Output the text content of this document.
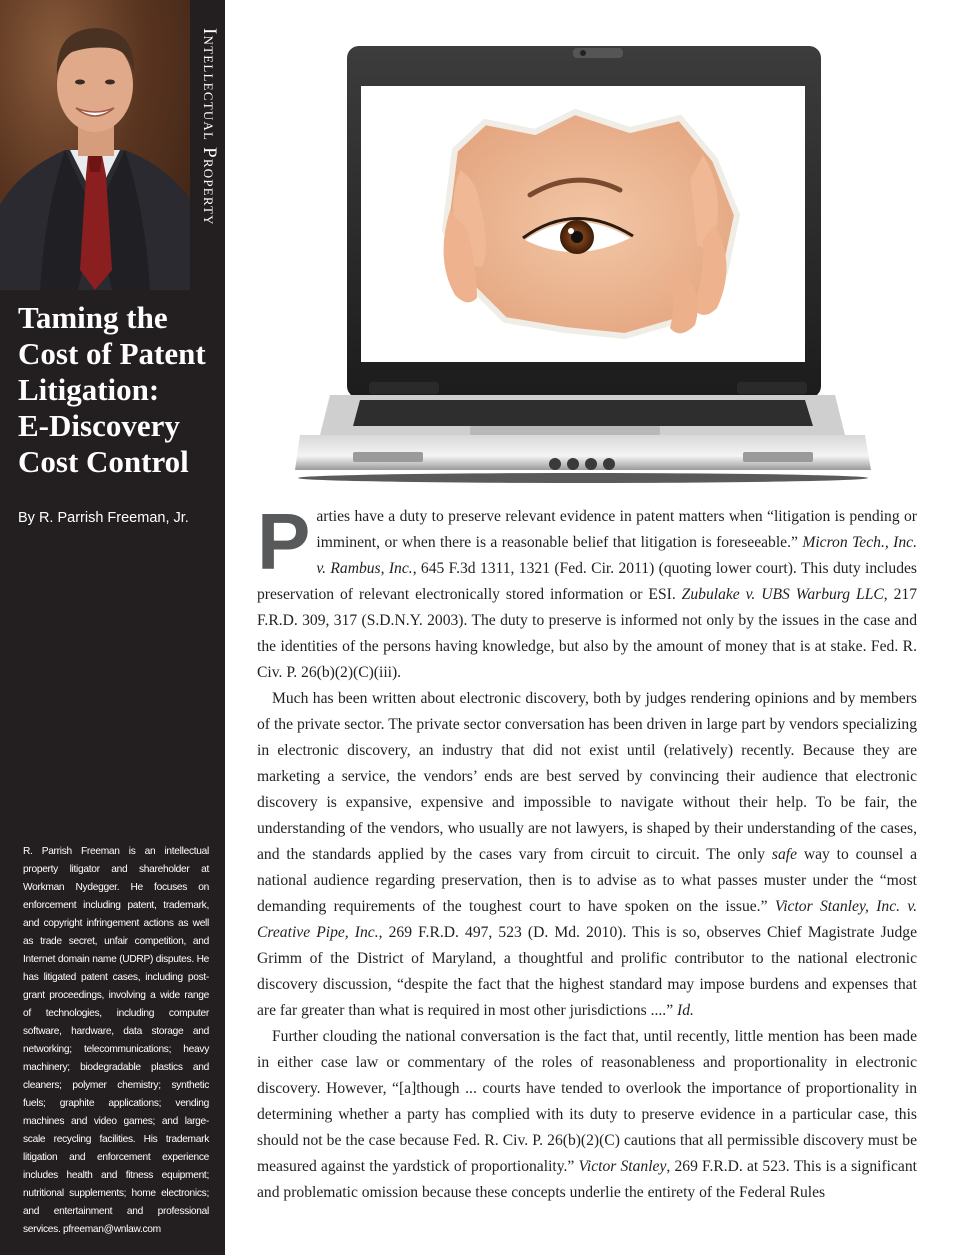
Intellectual Property
Taming the
Cost of Patent
Litigation:
E-Discovery
Cost Control
By R. Parrish Freeman, Jr.
R. Parrish Freeman is an intellectual property litigator and shareholder at Workman Nydegger. He focuses on enforcement including patent, trademark, and copyright infringement actions as well as trade secret, unfair competition, and Internet domain name (UDRP) disputes. He has litigated patent cases, including post-grant proceedings, involving a wide range of technologies, including computer software, hardware, data storage and networking; telecommunications; heavy machinery; biodegradable plastics and cleaners; polymer chemistry; synthetic fuels; graphite applications; vending machines and video games; and large-scale recycling facilities. His trademark litigation and enforcement experience includes health and fitness equipment; nutritional supplements; home electronics; and entertainment and professional services. pfreeman@wnlaw.com

Parties have a duty to preserve relevant evidence in patent matters when “litigation is pending or imminent, or when there is a reasonable belief that litigation is foreseeable.” Micron Tech., Inc. v. Rambus, Inc., 645 F.3d 1311, 1321 (Fed. Cir. 2011) (quoting lower court). This duty includes preservation of relevant electronically stored information or ESI. Zubulake v. UBS Warburg LLC, 217 F.R.D. 309, 317 (S.D.N.Y. 2003). The duty to preserve is informed not only by the issues in the case and the identities of the persons having knowledge, but also by the amount of money that is at stake. Fed. R. Civ. P. 26(b)(2)(C)(iii).

Much has been written about electronic discovery, both by judges rendering opinions and by members of the private sector. The private sector conversation has been driven in large part by vendors specializing in electronic discovery, an industry that did not exist until (relatively) recently. Because they are marketing a service, the vendors’ ends are best served by convincing their audience that electronic discovery is expansive, expensive and impossible to navigate without their help. To be fair, the understanding of the vendors, who usually are not lawyers, is shaped by their understanding of the cases, and the standards applied by the cases vary from circuit to circuit. The only safe way to counsel a national audience regarding preservation, then is to advise as to what passes muster under the “most demanding requirements of the toughest court to have spoken on the issue.” Victor Stanley, Inc. v. Creative Pipe, Inc., 269 F.R.D. 497, 523 (D. Md. 2010). This is so, observes Chief Magistrate Judge Grimm of the District of Maryland, a thoughtful and prolific contributor to the national electronic discovery discussion, “despite the fact that the highest standard may impose burdens and expenses that are far greater than what is required in most other jurisdictions ....” Id.

Further clouding the national conversation is the fact that, until recently, little mention has been made in either case law or commentary of the roles of reasonableness and proportionality in electronic discovery. However, “[a]though ... courts have tended to overlook the importance of proportionality in determining whether a party has complied with its duty to preserve evidence in a particular case, this should not be the case because Fed. R. Civ. P. 26(b)(2)(C) cautions that all permissible discovery must be measured against the yardstick of proportionality.” Victor Stanley, 269 F.R.D. at 523. This is a significant and problematic omission because these concepts underlie the entirety of the Federal Rules
